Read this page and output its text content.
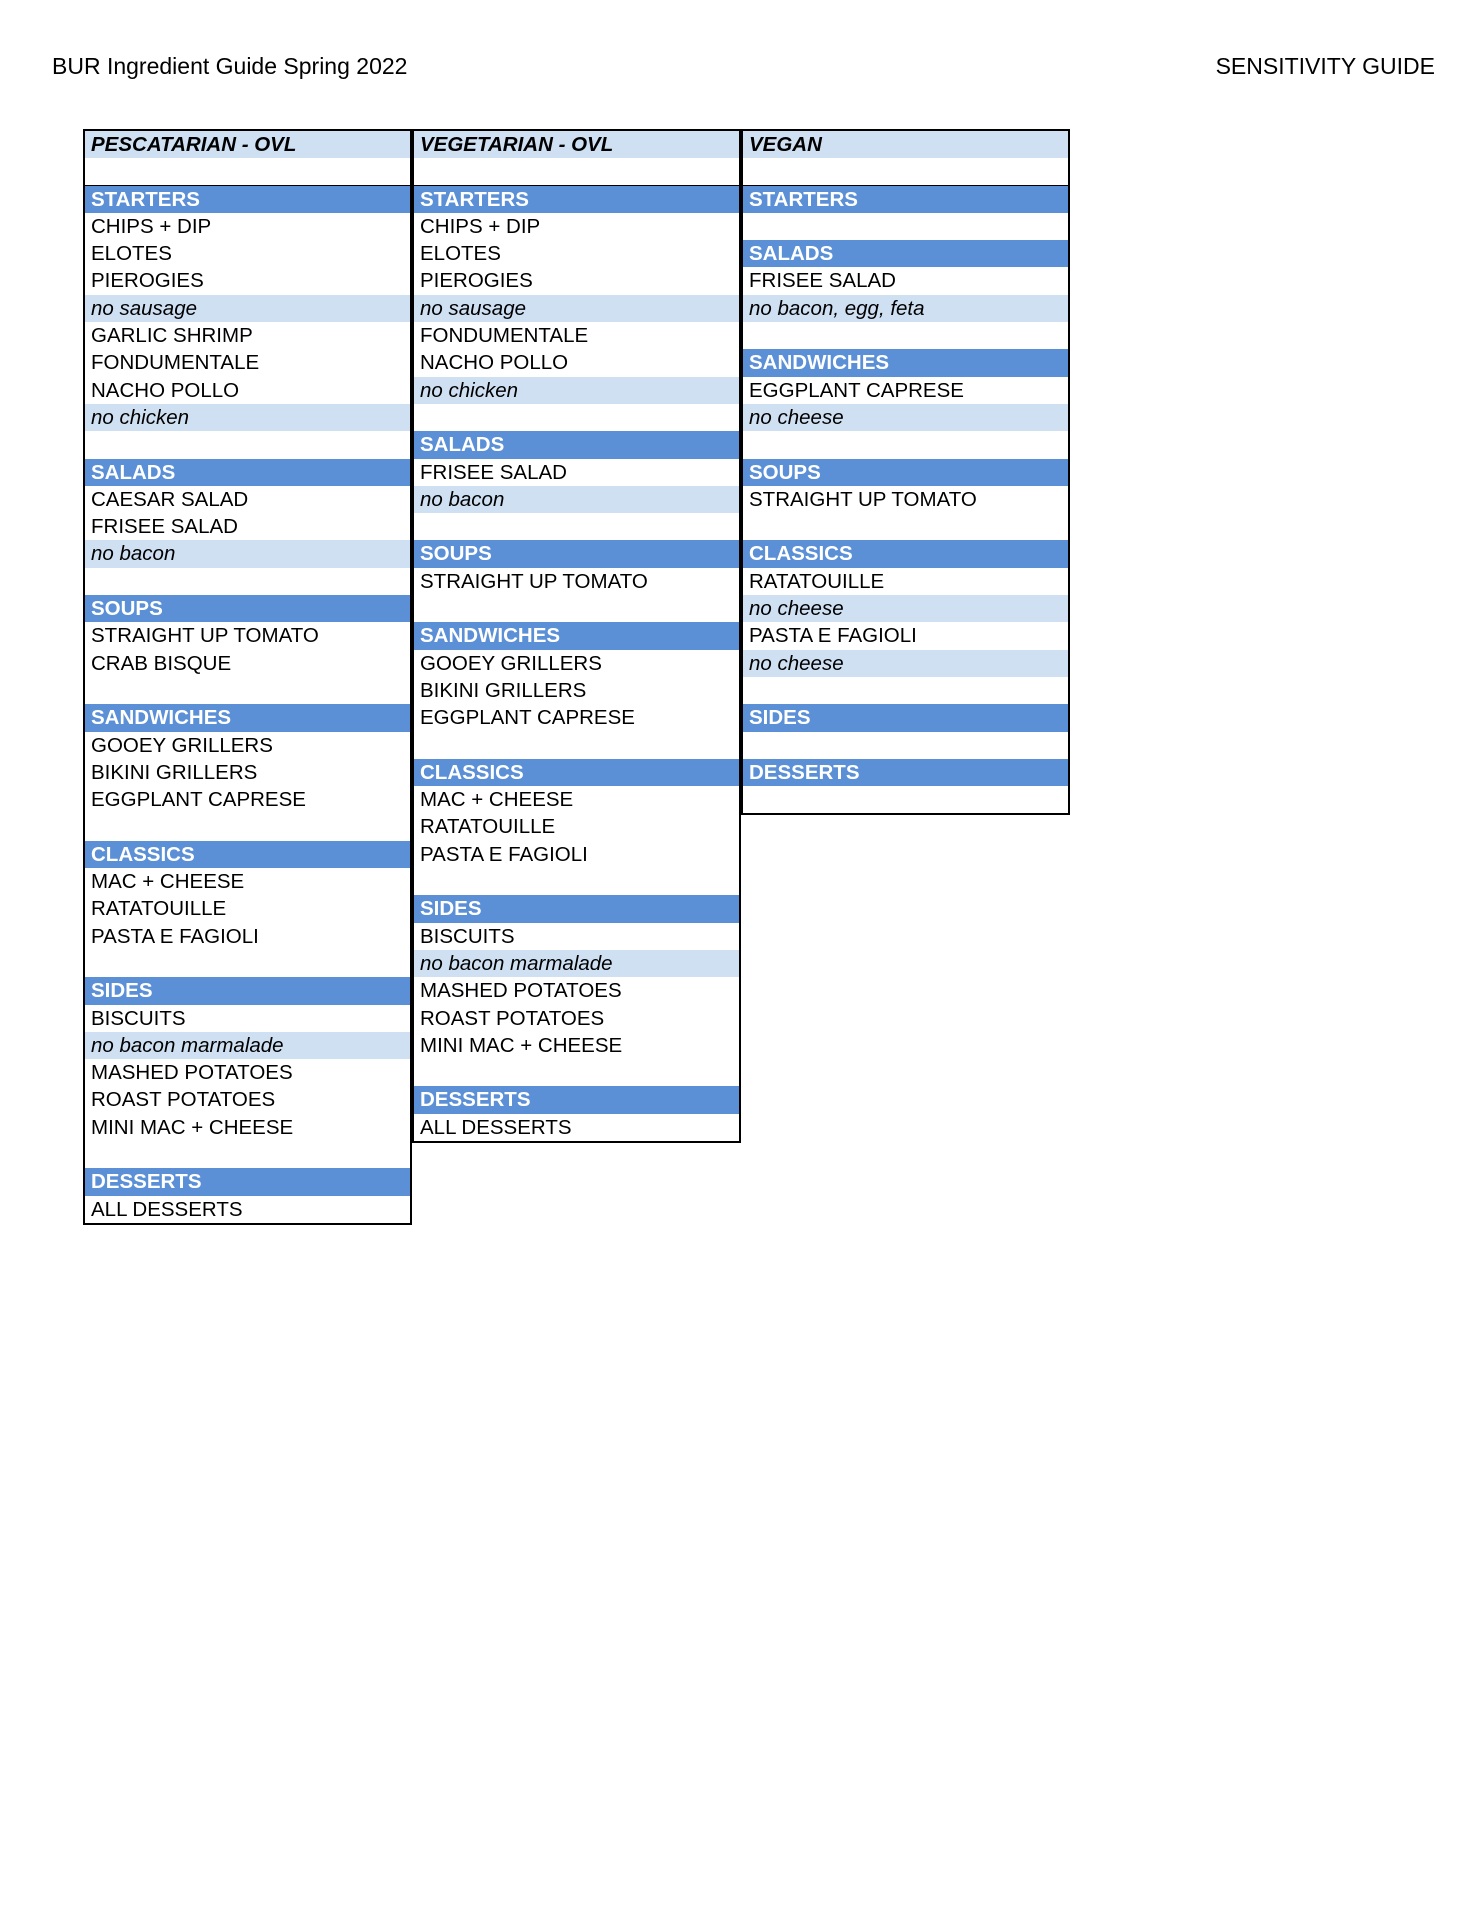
BUR Ingredient Guide Spring 2022	SENSITIVITY GUIDE
PESCATARIAN - OVL
STARTERS
CHIPS + DIP
ELOTES
PIEROGIES
no sausage
GARLIC SHRIMP
FONDUMENTALE
NACHO POLLO
no chicken
SALADS
CAESAR SALAD
FRISEE SALAD
no bacon
SOUPS
STRAIGHT UP TOMATO
CRAB BISQUE
SANDWICHES
GOOEY GRILLERS
BIKINI GRILLERS
EGGPLANT CAPRESE
CLASSICS
MAC + CHEESE
RATATOUILLE
PASTA E FAGIOLI
SIDES
BISCUITS
no bacon marmalade
MASHED POTATOES
ROAST POTATOES
MINI MAC + CHEESE
DESSERTS
ALL DESSERTS
VEGETARIAN - OVL
STARTERS
CHIPS + DIP
ELOTES
PIEROGIES
no sausage
FONDUMENTALE
NACHO POLLO
no chicken
SALADS
FRISEE SALAD
no bacon
SOUPS
STRAIGHT UP TOMATO
SANDWICHES
GOOEY GRILLERS
BIKINI GRILLERS
EGGPLANT CAPRESE
CLASSICS
MAC + CHEESE
RATATOUILLE
PASTA E FAGIOLI
SIDES
BISCUITS
no bacon marmalade
MASHED POTATOES
ROAST POTATOES
MINI MAC + CHEESE
DESSERTS
ALL DESSERTS
VEGAN
STARTERS
SALADS
FRISEE SALAD
no bacon, egg, feta
SANDWICHES
EGGPLANT CAPRESE
no cheese
SOUPS
STRAIGHT UP TOMATO
CLASSICS
RATATOUILLE
no cheese
PASTA E FAGIOLI
no cheese
SIDES
DESSERTS
